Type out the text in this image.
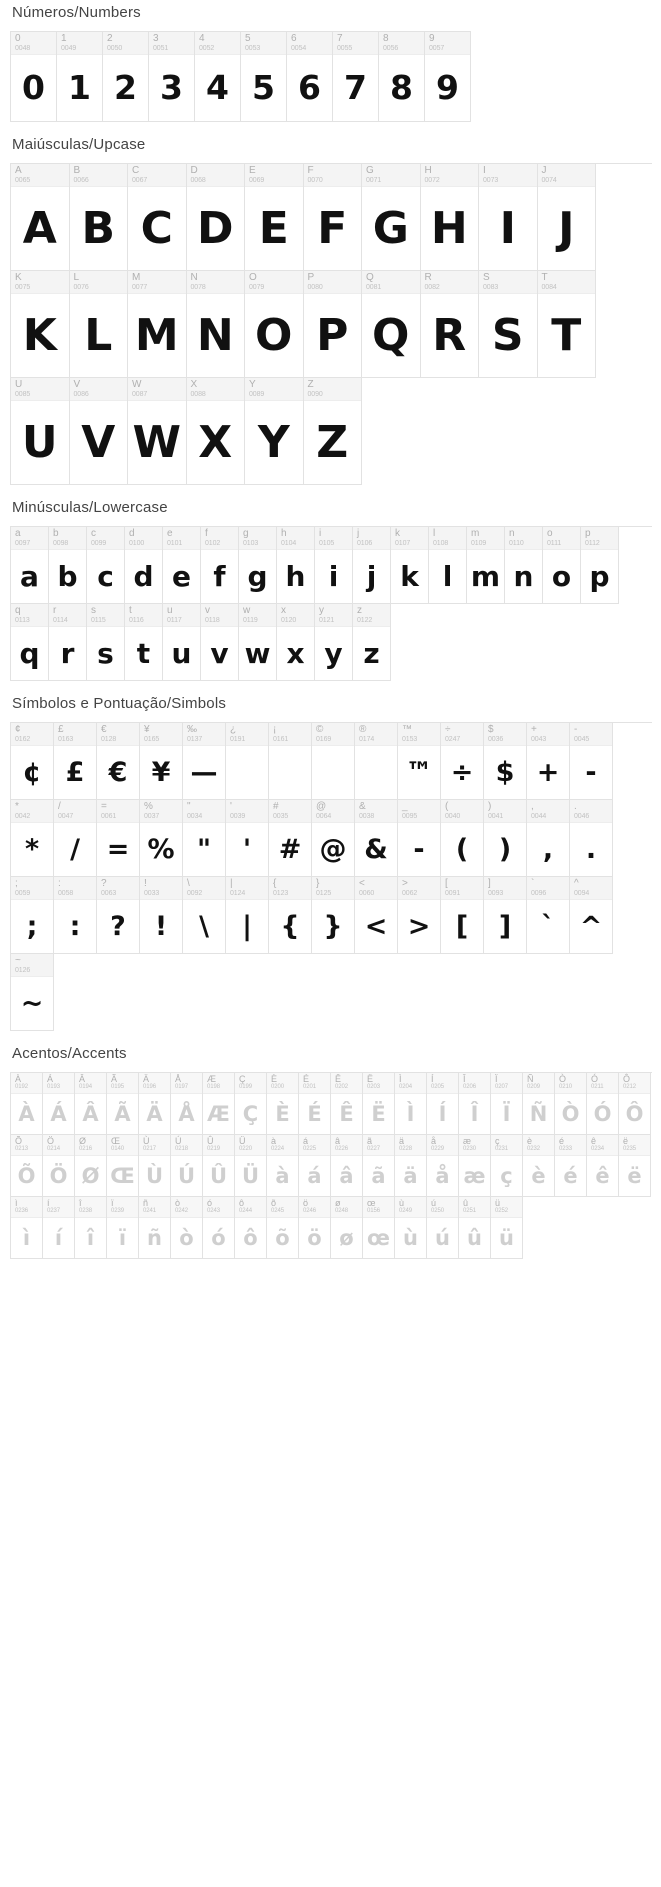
Números/Numbers
0
0048
0
1
0049
1
2
0050
2
3
0051
3
4
0052
4
5
0053
5
6
0054
6
7
0055
7
8
0056
8
9
0057
9
Maiúsculas/Upcase
A
0065
A
B
0066
B
C
0067
C
D
0068
D
E
0069
E
F
0070
F
G
0071
G
H
0072
H
I
0073
I
J
0074
J
K
0075
K
L
0076
L
M
0077
M
N
0078
N
O
0079
O
P
0080
P
Q
0081
Q
R
0082
R
S
0083
S
T
0084
T
U
0085
U
V
0086
V
W
0087
W
X
0088
X
Y
0089
Y
Z
0090
Z
Minúsculas/Lowercase
a
0097
a
b
0098
b
c
0099
c
d
0100
d
e
0101
e
f
0102
f
g
0103
g
h
0104
h
i
0105
i
j
0106
j
k
0107
k
l
0108
l
m
0109
m
n
0110
n
o
0111
o
p
0112
p
q
0113
q
r
0114
r
s
0115
s
t
0116
t
u
0117
u
v
0118
v
w
0119
w
x
0120
x
y
0121
y
z
0122
z
Símbolos e Pontuação/Simbols
¢
0162
¢
£
0163
£
€
0128
€
¥
0165
¥
‰
0137
—
¿
0191
¡
0161
©
0169
®
0174
™
0153
™
÷
0247
÷
$
0036
$
+
0043
+
-
0045
-
*
0042
*
/
0047
/
=
0061
=
%
0037
%
"
0034
"
'
0039
'
#
0035
#
@
0064
@
&
0038
&
_
0095
-
(
0040
(
)
0041
)
,
0044
,
.
0046
.
;
0059
;
:
0058
:
?
0063
?
!
0033
!
\
0092
\
|
0124
|
{
0123
{
}
0125
}
<
0060
<
>
0062
>
[
0091
[
]
0093
]
`
0096
`
^
0094
^
~
0126
~
Acentos/Accents
À
0192
À
Á
0193
Á
Â
0194
Â
Ã
0195
Ã
Ä
0196
Ä
Å
0197
Å
Æ
0198
Æ
Ç
0199
Ç
È
0200
È
É
0201
É
Ê
0202
Ê
Ë
0203
Ë
Ì
0204
Ì
Í
0205
Í
Î
0206
Î
Ï
0207
Ï
Ñ
0209
Ñ
Ò
0210
Ò
Ó
0211
Ó
Ô
0212
Ô
Õ
0213
Õ
Ö
0214
Ö
Ø
0216
Ø
Œ
0140
Œ
Ù
0217
Ù
Ú
0218
Ú
Û
0219
Û
Ü
0220
Ü
à
0224
à
á
0225
á
â
0226
â
ã
0227
ã
ä
0228
ä
å
0229
å
æ
0230
æ
ç
0231
ç
è
0232
è
é
0233
é
ê
0234
ê
ë
0235
ë
ì
0236
ì
í
0237
í
î
0238
î
ï
0239
ï
ñ
0241
ñ
ò
0242
ò
ó
0243
ó
ô
0244
ô
õ
0245
õ
ö
0246
ö
ø
0248
ø
œ
0156
œ
ù
0249
ù
ú
0250
ú
û
0251
û
ü
0252
ü
